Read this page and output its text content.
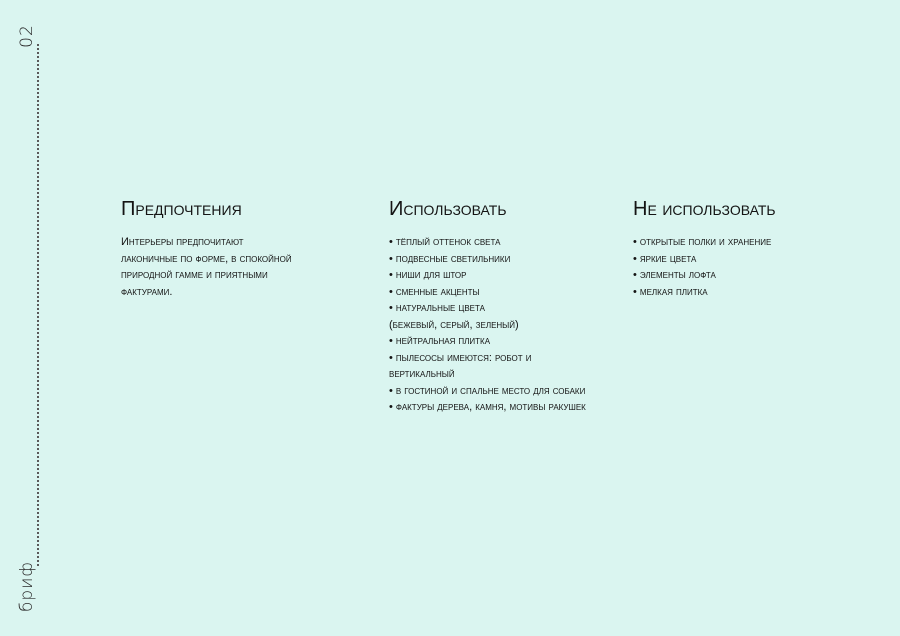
02
бриф
Предпочтения

Интерьеры предпочитают
лаконичные по форме, в спокойной
природной гамме и приятными
фактурами.

Использовать
• тёплый оттенок света
• подвесные светильники
• ниши для штор
• сменные акценты
• натуральные цвета
(бежевый, серый, зеленый)
• нейтральная плитка
• пылесосы имеются: робот и
вертикальный
• в гостиной и спальне место для собаки
• фактуры дерева, камня, мотивы ракушек
Не использовать
• открытые полки и хранение
• яркие цвета
• элементы лофта
• мелкая плитка
